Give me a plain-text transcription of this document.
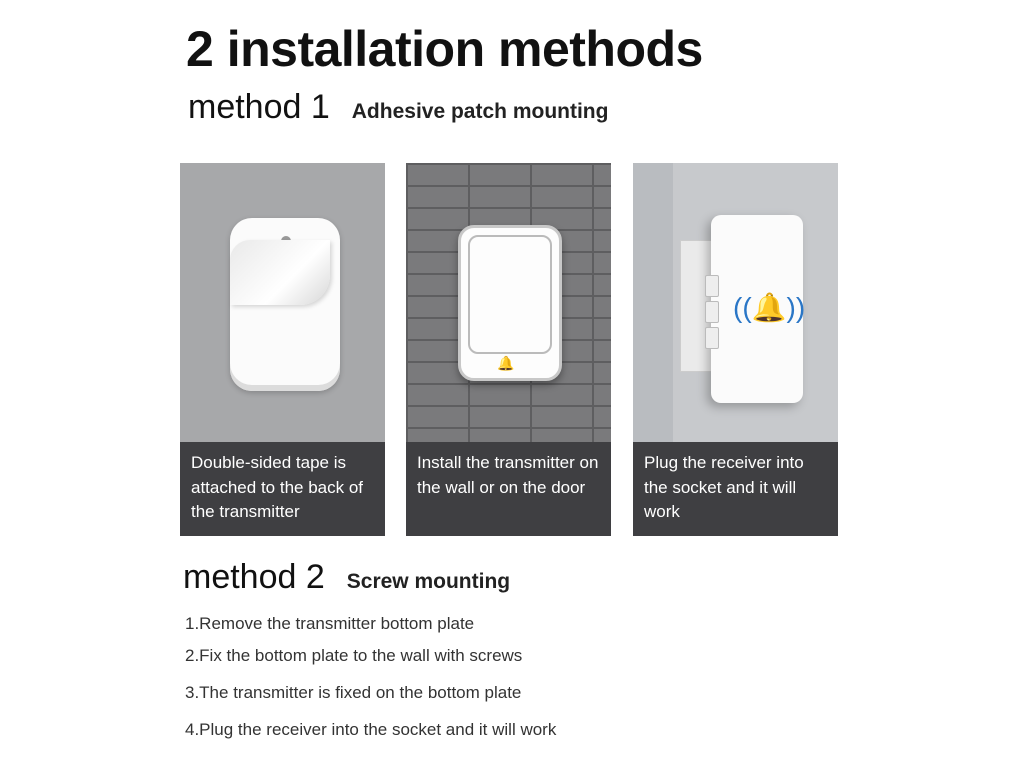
2 installation methods
method 1 Adhesive patch mounting
Double-sided tape is attached to the back of the transmitter
🔔
Install the transmitter on the wall or on the door
((🔔))
Plug the receiver into the socket and it will work
method 2 Screw mounting
1.Remove the transmitter bottom plate
2.Fix the bottom plate to the wall with screws
3.The transmitter is fixed on the bottom plate
4.Plug the receiver into the socket and it will work
